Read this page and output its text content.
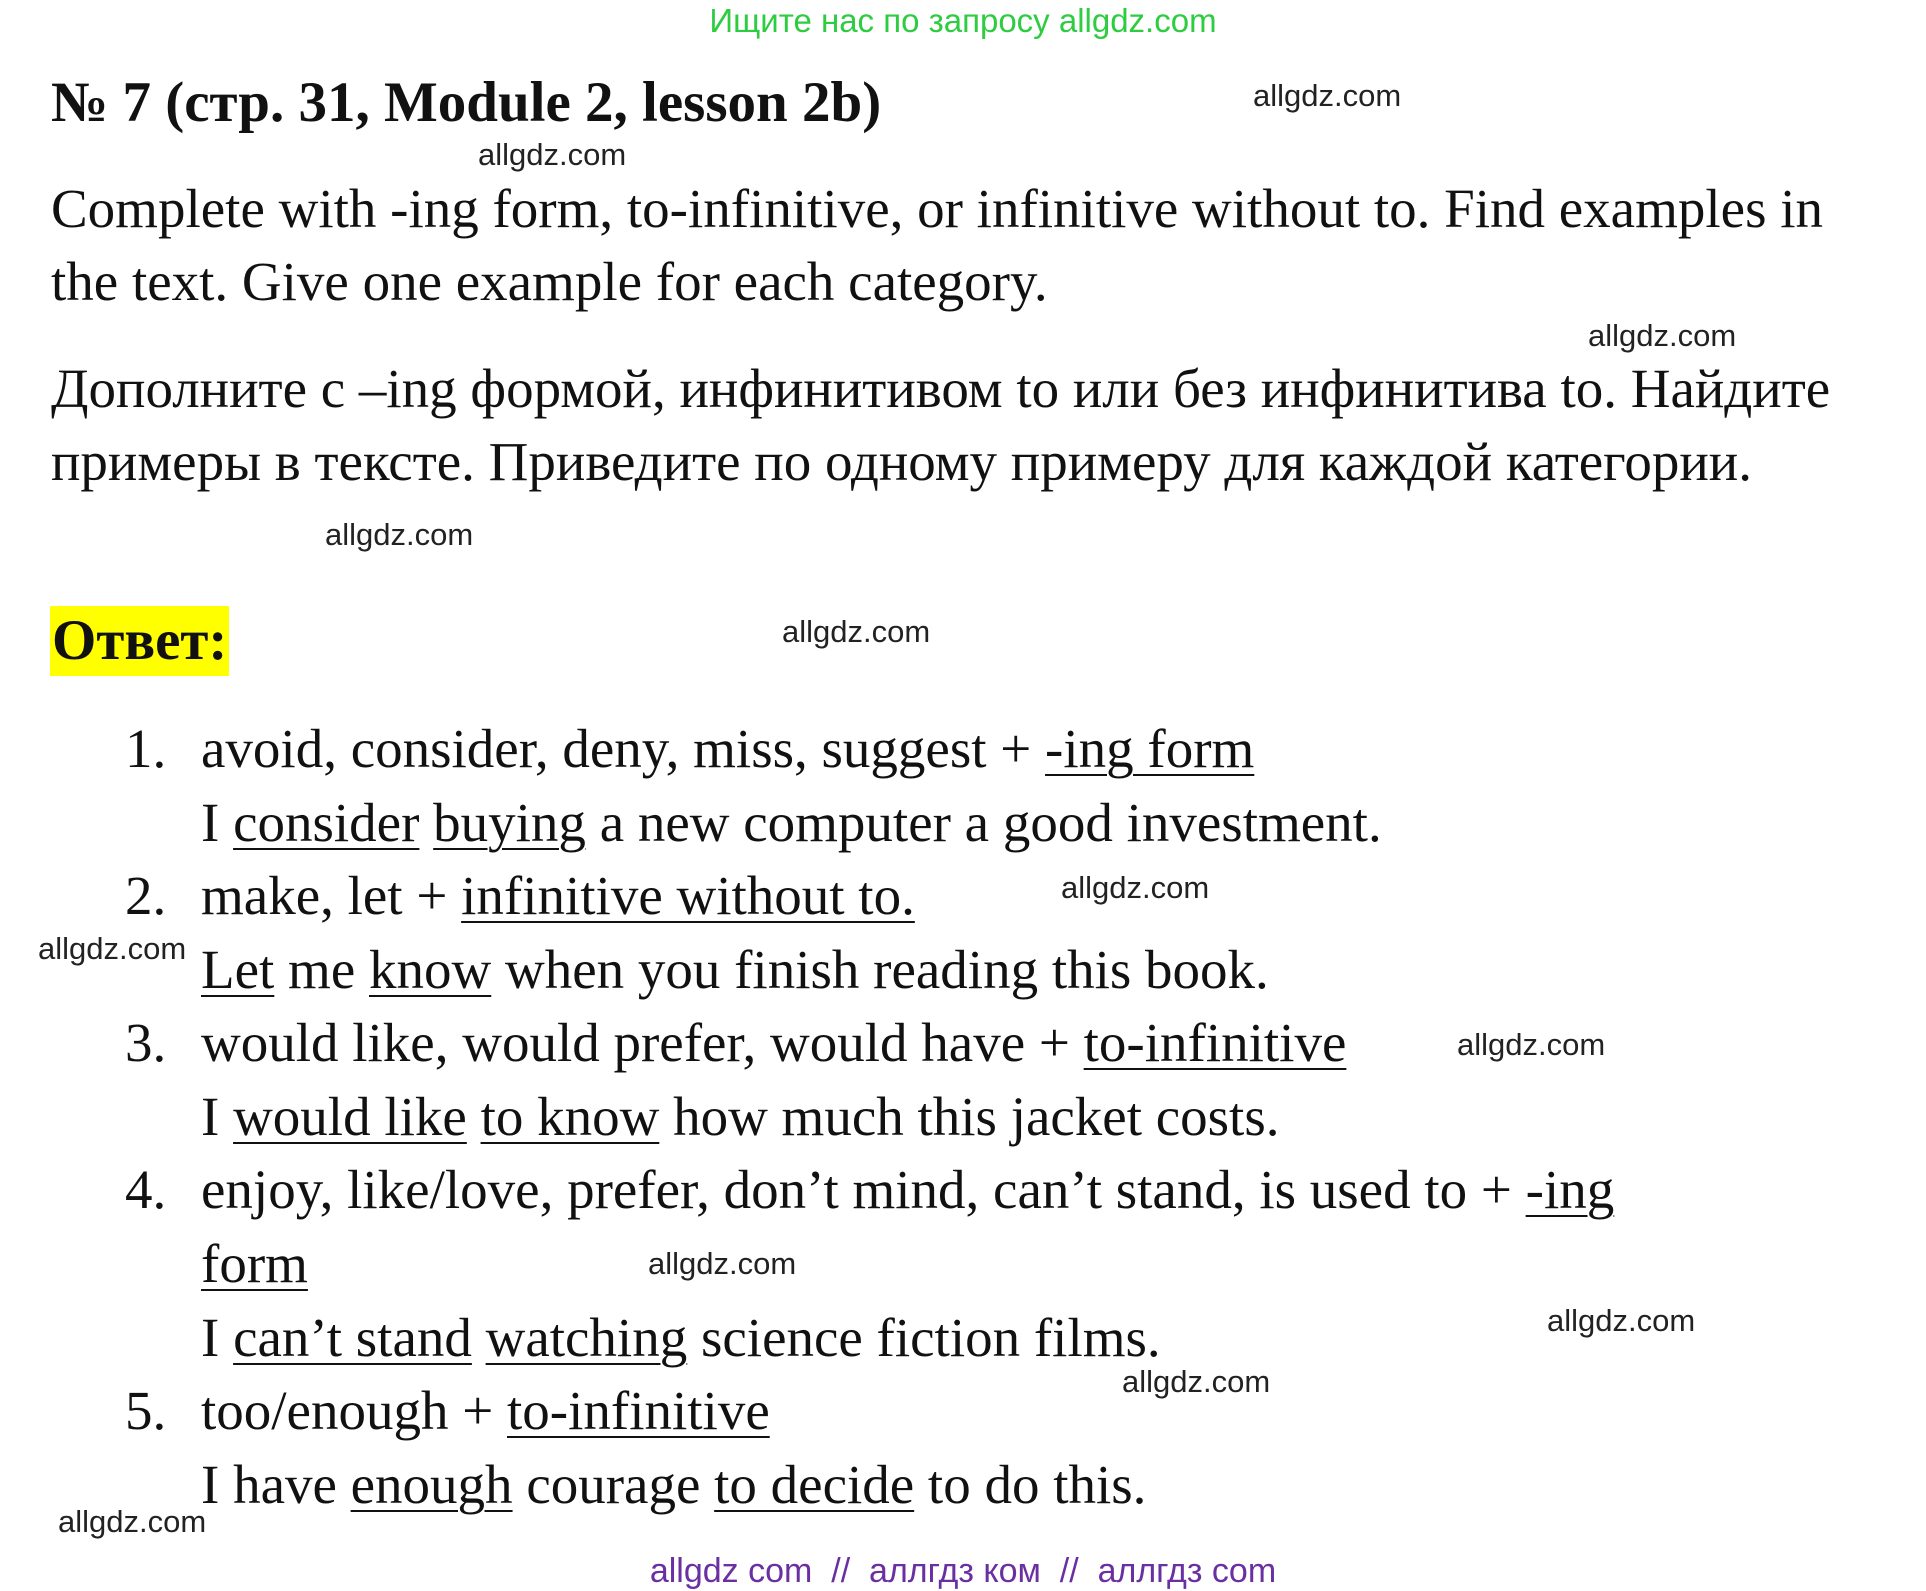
Ищите нас по запросу allgdz.com
№ 7 (стр. 31, Module 2, lesson 2b)
Complete with -ing form, to-infinitive, or infinitive without to. Find examples in the text. Give one example for each category.
Дополните с –ing формой, инфинитивом to или без инфинитива to. Найдите примеры в тексте. Приведите по одному примеру для каждой категории.
Ответ:
1. avoid, consider, deny, miss, suggest + -ing form
I consider buying a new computer a good investment.
2. make, let + infinitive without to.
Let me know when you finish reading this book.
3. would like, would prefer, would have + to-infinitive
I would like to know how much this jacket costs.
4. enjoy, like/love, prefer, don’t mind, can’t stand, is used to + -ing
form
I can’t stand watching science fiction films.
5. too/enough + to-infinitive
I have enough courage to decide to do this.
allgdz.com
allgdz.com
allgdz.com
allgdz.com
allgdz.com
allgdz.com
allgdz.com
allgdz.com
allgdz.com
allgdz.com
allgdz.com
allgdz.com
allgdz com  //  аллгдз ком  //  аллгдз com
